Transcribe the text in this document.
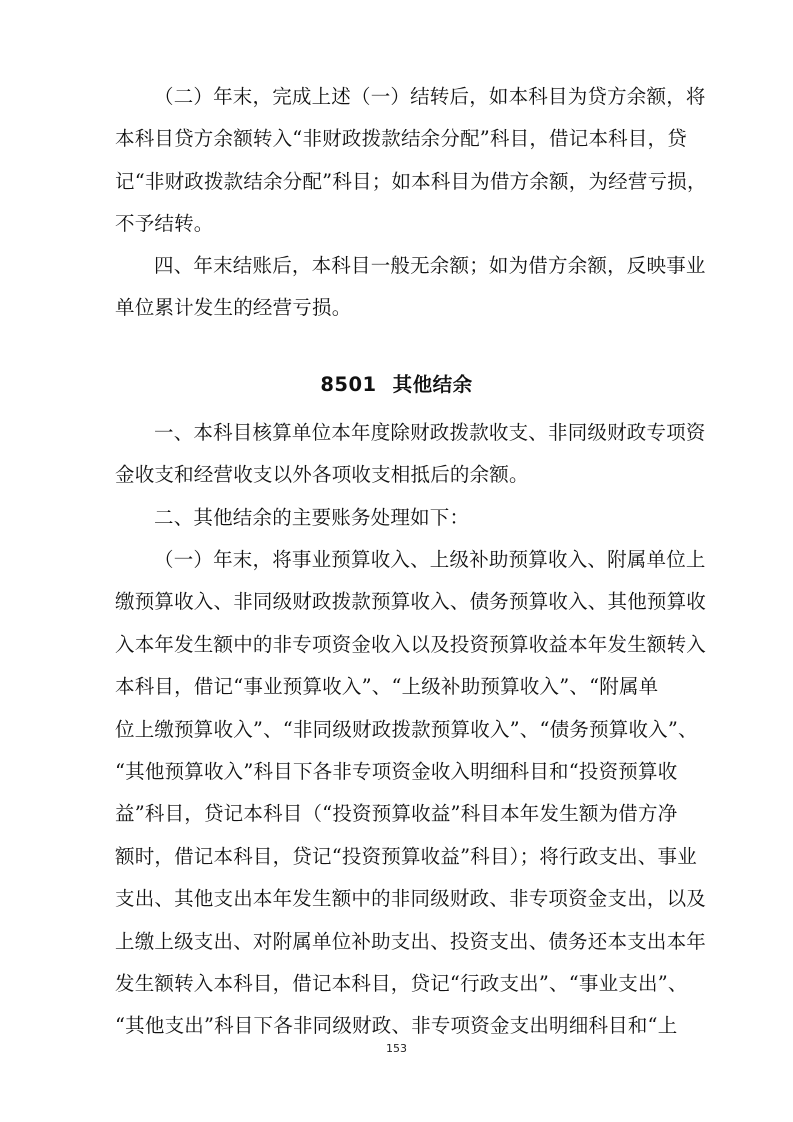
（二）年末，完成上述（一）结转后，如本科目为贷方余额，将
本科目贷方余额转入“非财政拨款结余分配”科目，借记本科目，贷
记“非财政拨款结余分配”科目；如本科目为借方余额，为经营亏损，
不予结转。
四、年末结账后，本科目一般无余额；如为借方余额，反映事业
单位累计发生的经营亏损。
8501 其他结余
一、本科目核算单位本年度除财政拨款收支、非同级财政专项资
金收支和经营收支以外各项收支相抵后的余额。
二、其他结余的主要账务处理如下：
（一）年末，将事业预算收入、上级补助预算收入、附属单位上
缴预算收入、非同级财政拨款预算收入、债务预算收入、其他预算收
入本年发生额中的非专项资金收入以及投资预算收益本年发生额转入
本科目，借记“事业预算收入”、“上级补助预算收入”、“附属单
位上缴预算收入”、“非同级财政拨款预算收入”、“债务预算收入”、
“其他预算收入”科目下各非专项资金收入明细科目和“投资预算收
益”科目，贷记本科目（“投资预算收益”科目本年发生额为借方净
额时，借记本科目，贷记“投资预算收益”科目）；将行政支出、事业
支出、其他支出本年发生额中的非同级财政、非专项资金支出，以及
上缴上级支出、对附属单位补助支出、投资支出、债务还本支出本年
发生额转入本科目，借记本科目，贷记“行政支出”、“事业支出”、
“其他支出”科目下各非同级财政、非专项资金支出明细科目和“上
153
